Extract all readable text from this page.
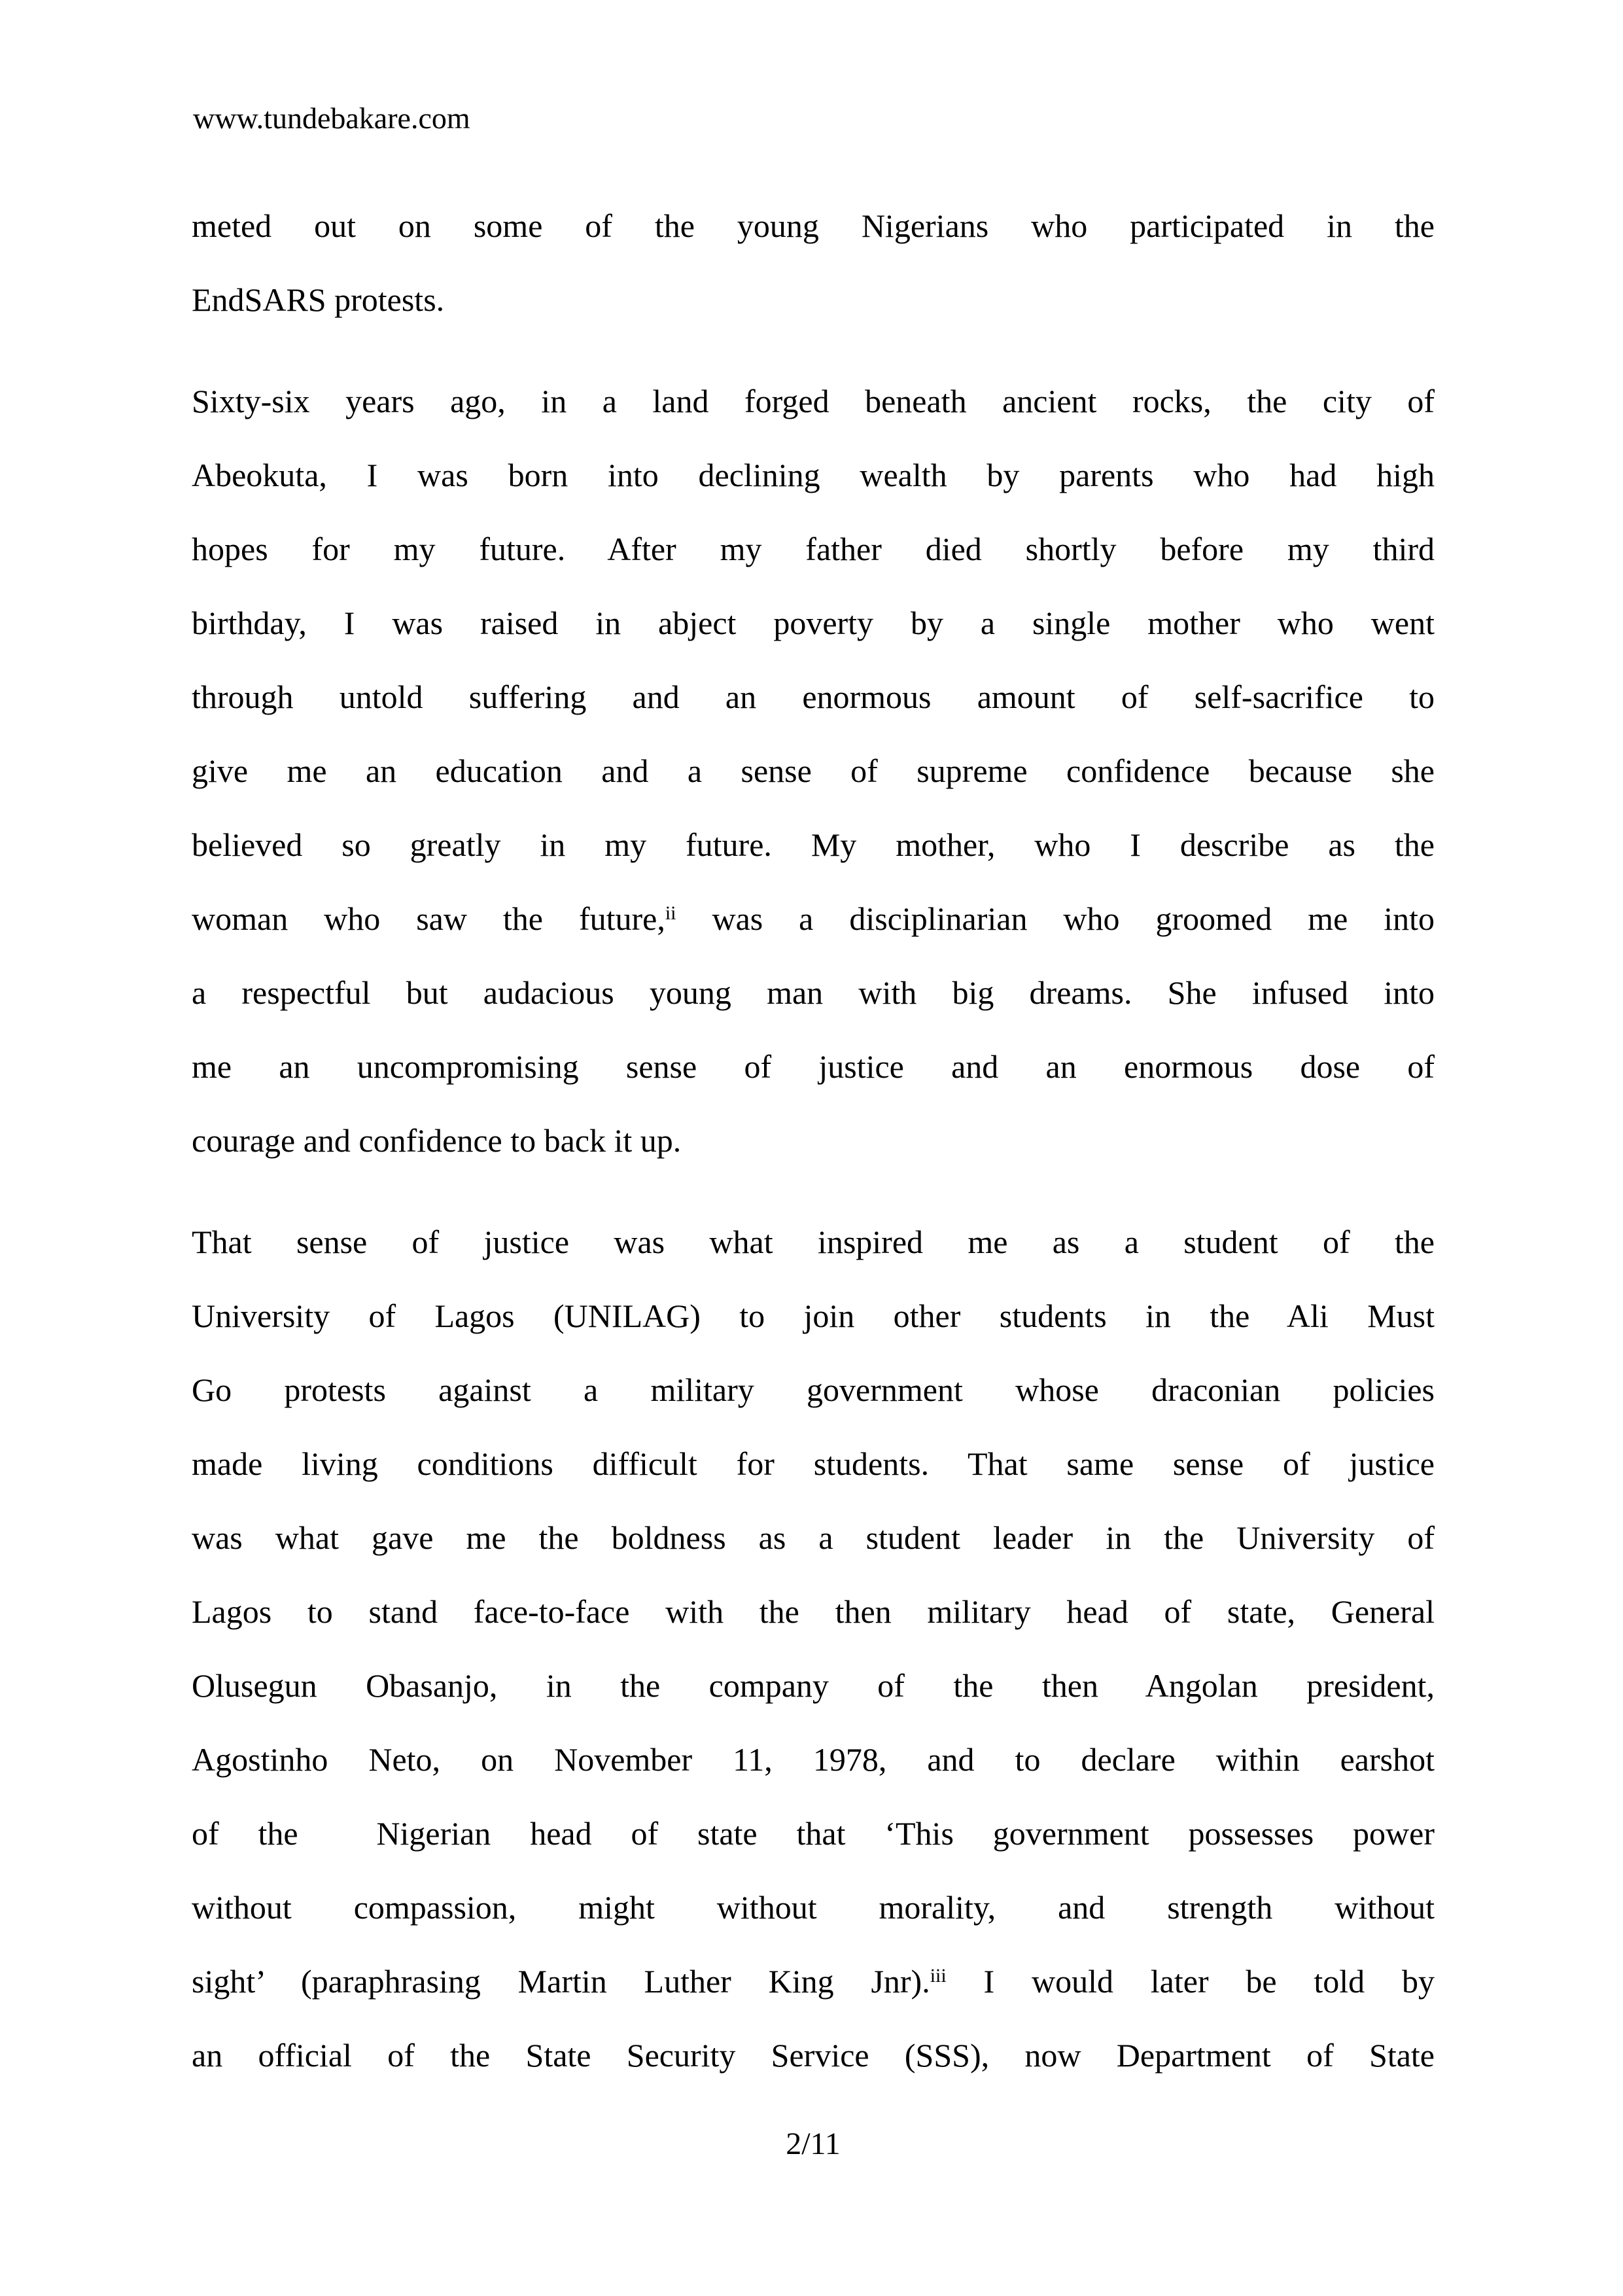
www.tundebakare.com
meted out on some of the young Nigerians who participated in the
EndSARS protests.
Sixty-six years ago, in a land forged beneath ancient rocks, the city of
Abeokuta, I was born into declining wealth by parents who had high
hopes for my future. After my father died shortly before my third
birthday, I was raised in abject poverty by a single mother who went
through untold suffering and an enormous amount of self-sacrifice to
give me an education and a sense of supreme confidence because she
believed so greatly in my future. My mother, who I describe as the
woman who saw the future,$^{ii}$ was a disciplinarian who groomed me into
a respectful but audacious young man with big dreams. She infused into
me an uncompromising sense of justice and an enormous dose of
courage and confidence to back it up.
That sense of justice was what inspired me as a student of the
University of Lagos (UNILAG) to join other students in the Ali Must
Go protests against a military government whose draconian policies
made living conditions difficult for students. That same sense of justice
was what gave me the boldness as a student leader in the University of
Lagos to stand face-to-face with the then military head of state, General
Olusegun Obasanjo, in the company of the then Angolan president,
Agostinho Neto, on November 11, 1978, and to declare within earshot
of the  Nigerian head of state that ‘This government possesses power
without compassion, might without morality, and strength without
sight’ (paraphrasing Martin Luther King Jnr).$^{iii}$ I would later be told by
an official of the State Security Service (SSS), now Department of State
2/11
